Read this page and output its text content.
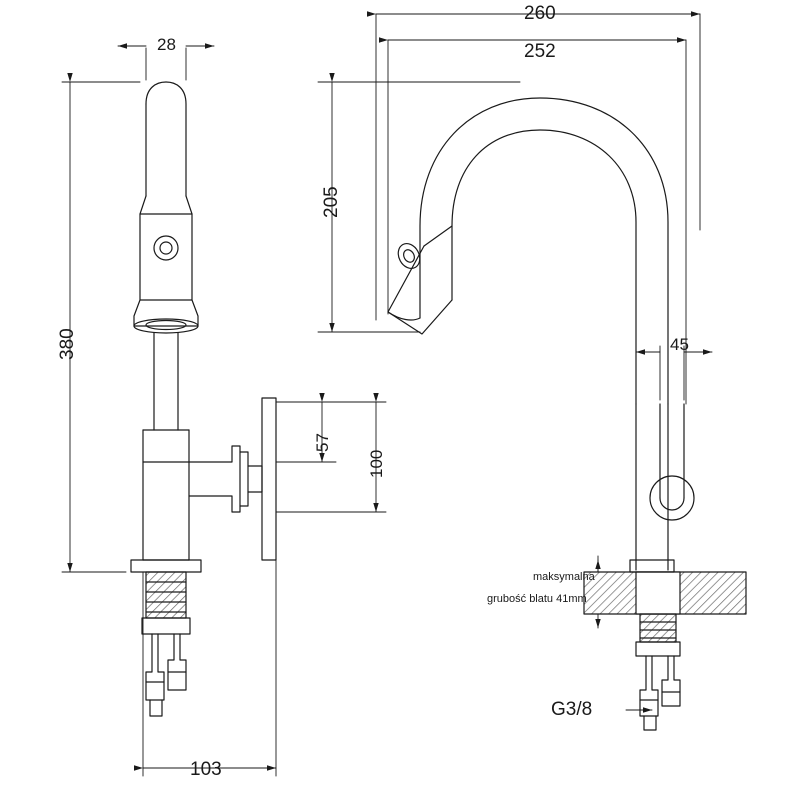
28
380
103
260
252
205
45
57
100
G3/8
maksymalna
grubość blatu 41mm
